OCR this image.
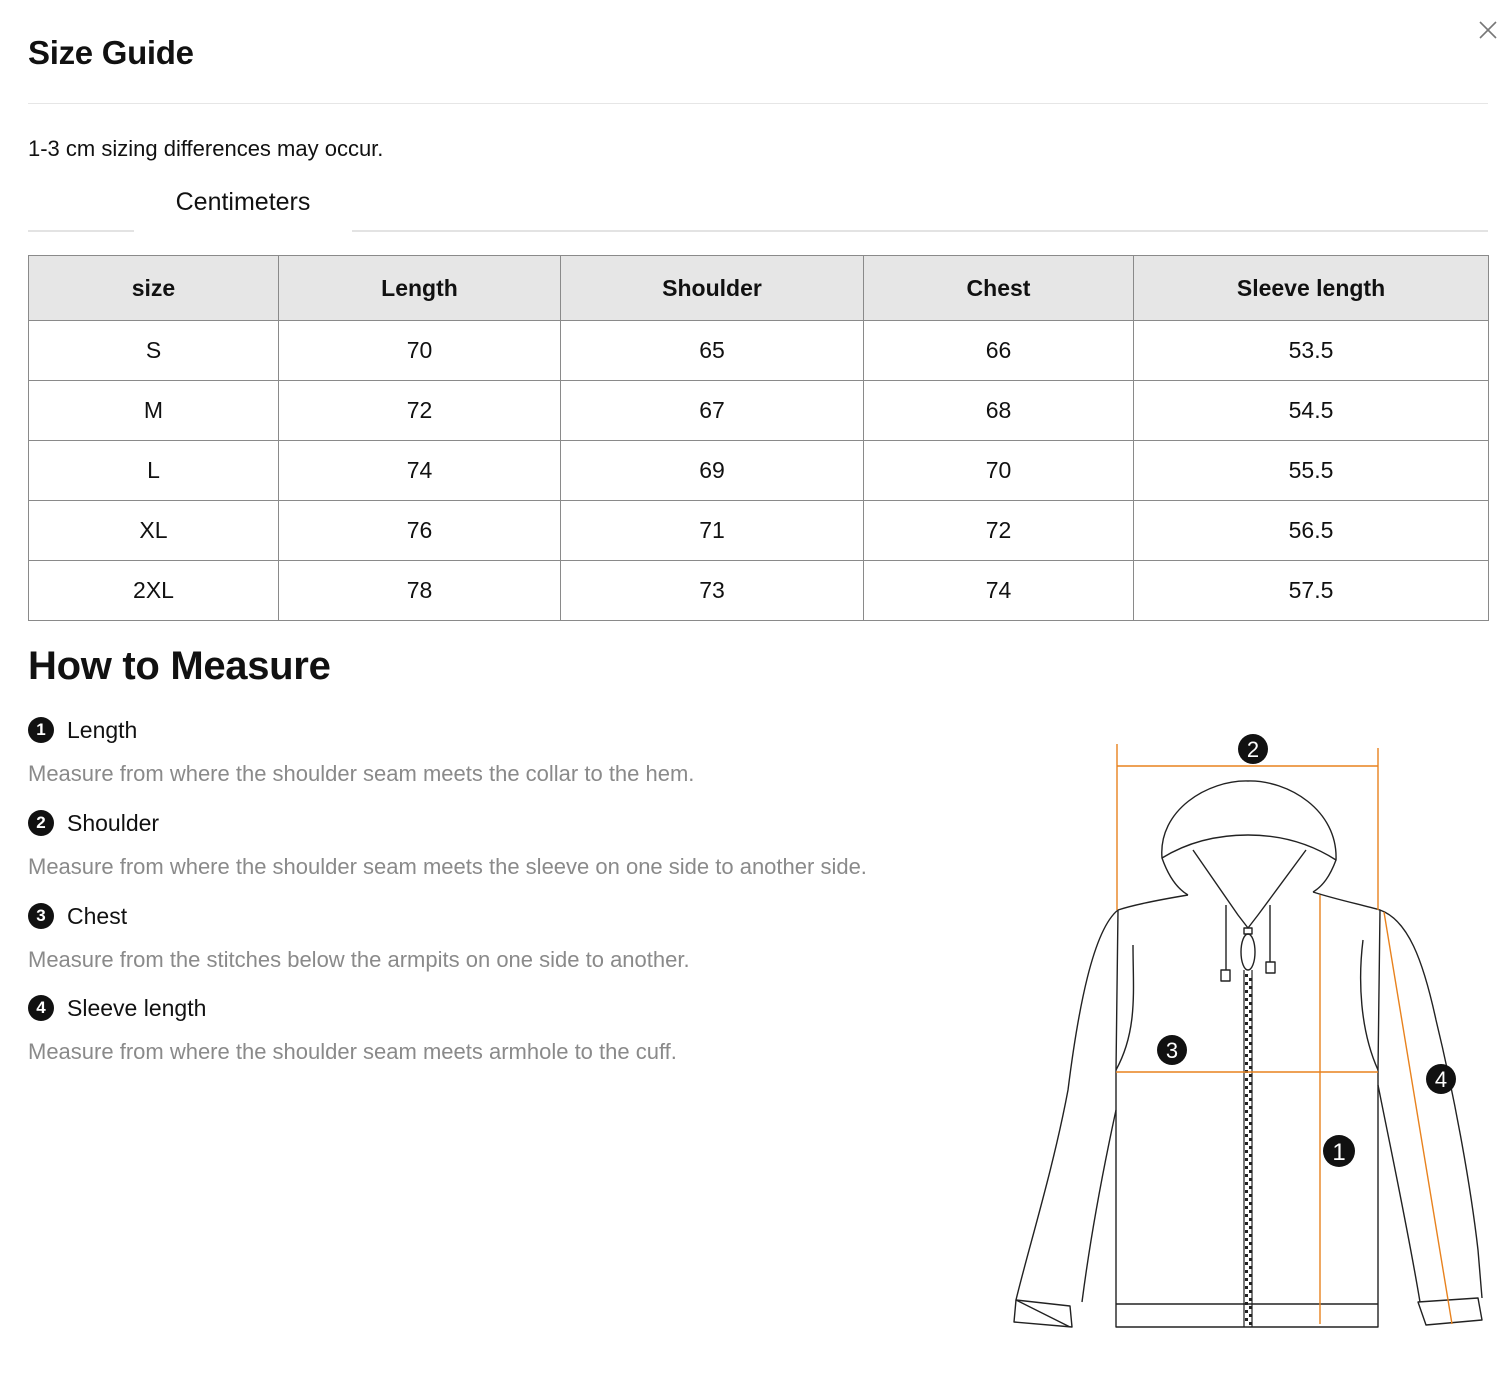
Size Guide
1-3 cm sizing differences may occur.
Centimeters
size	Length	Shoulder	Chest	Sleeve length
S	70	65	66	53.5
M	72	67	68	54.5
L	74	69	70	55.5
XL	76	71	72	56.5
2XL	78	73	74	57.5
How to Measure
1 Length
Measure from where the shoulder seam meets the collar to the hem.
2 Shoulder
Measure from where the shoulder seam meets the sleeve on one side to another side.
3 Chest
Measure from the stitches below the armpits on one side to another.
4 Sleeve length
Measure from where the shoulder seam meets armhole to the cuff.
2
3
4
1
